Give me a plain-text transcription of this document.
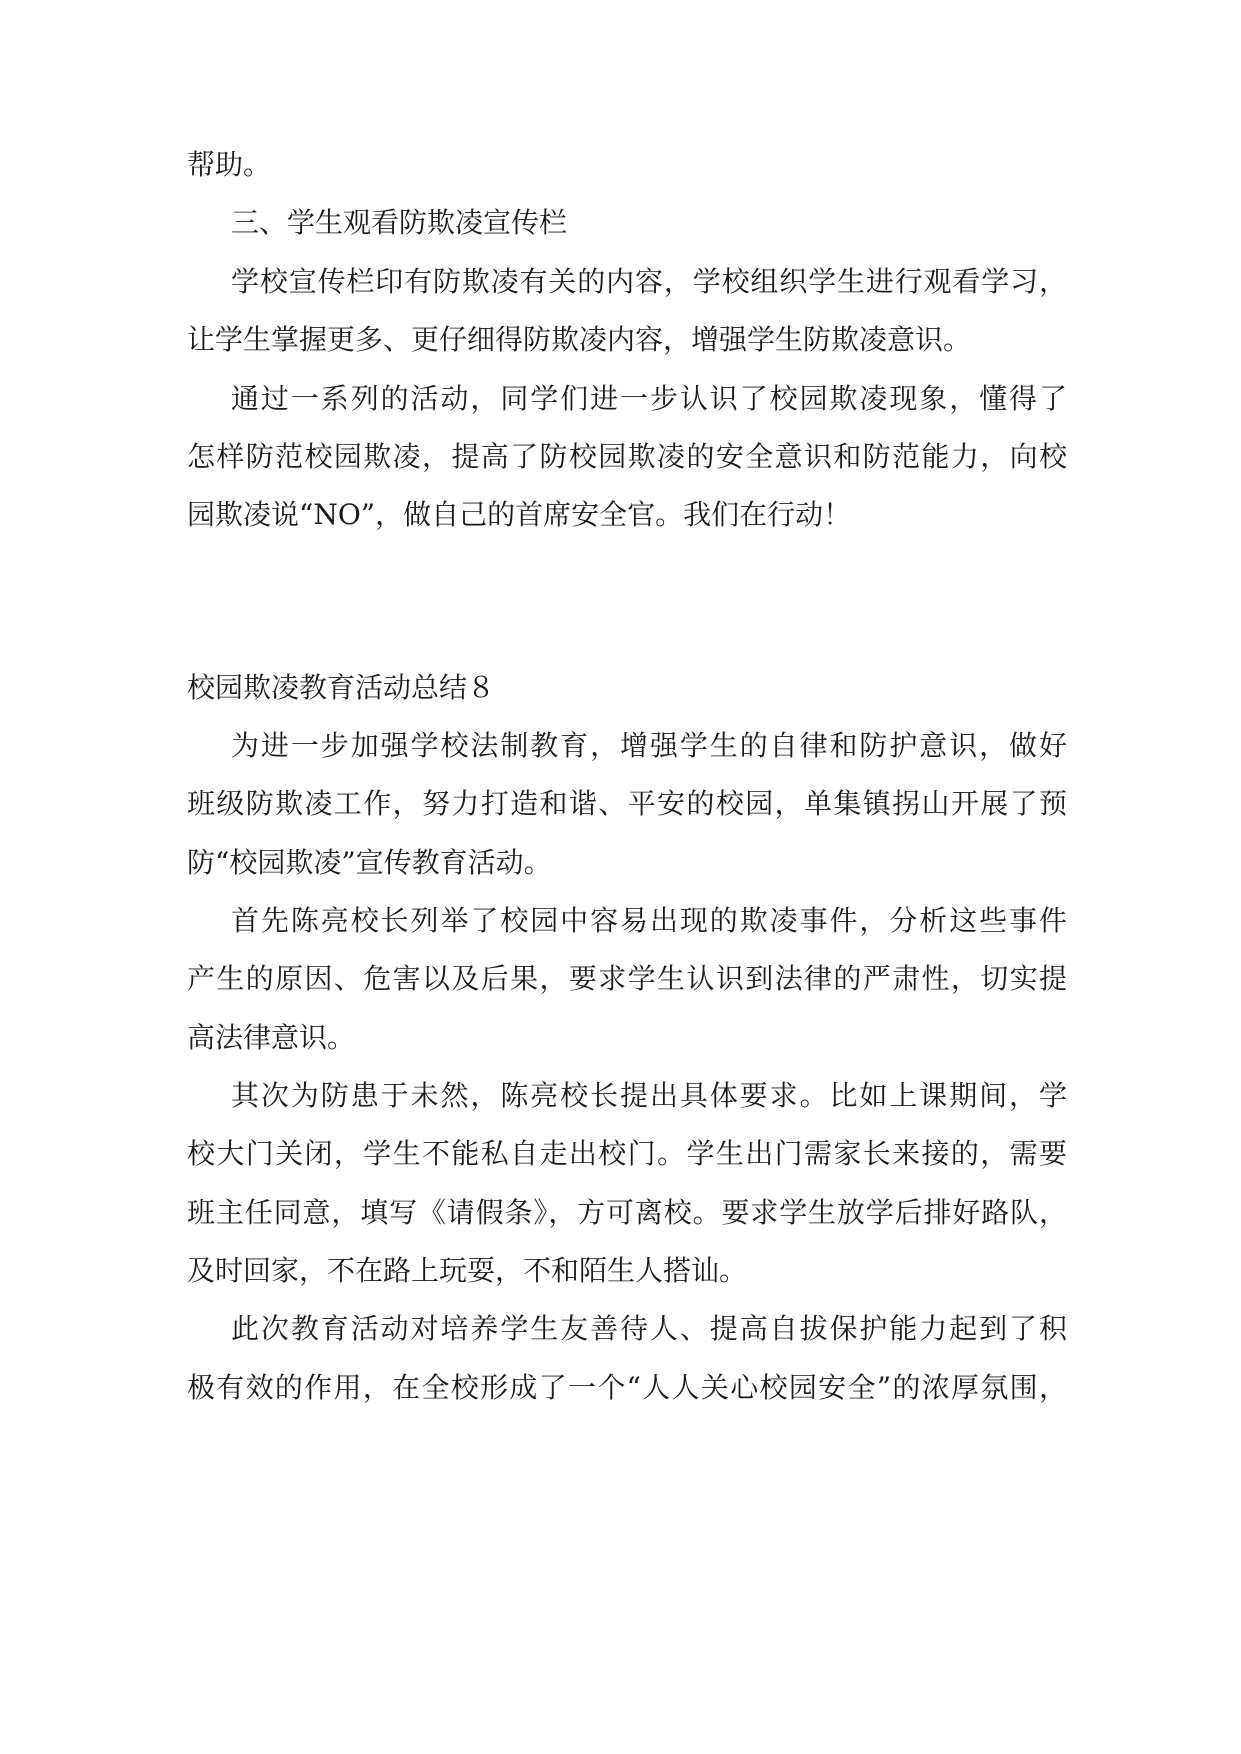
帮助。

三、学生观看防欺凌宣传栏

学校宣传栏印有防欺凌有关的内容，学校组织学生进行观看学习，

让学生掌握更多、更仔细得防欺凌内容，增强学生防欺凌意识。

通过一系列的活动，同学们进一步认识了校园欺凌现象，懂得了

怎样防范校园欺凌，提高了防校园欺凌的安全意识和防范能力，向校

园欺凌说“NO”，做自己的首席安全官。我们在行动！

校园欺凌教育活动总结８

为进一步加强学校法制教育，增强学生的自律和防护意识，做好

班级防欺凌工作，努力打造和谐、平安的校园，单集镇拐山开展了预

防“校园欺凌”宣传教育活动。

首先陈亮校长列举了校园中容易出现的欺凌事件，分析这些事件

产生的原因、危害以及后果，要求学生认识到法律的严肃性，切实提

高法律意识。

其次为防患于未然，陈亮校长提出具体要求。比如上课期间，学

校大门关闭，学生不能私自走出校门。学生出门需家长来接的，需要

班主任同意，填写《请假条》，方可离校。要求学生放学后排好路队，

及时回家，不在路上玩耍，不和陌生人搭讪。

此次教育活动对培养学生友善待人、提高自拔保护能力起到了积

极有效的作用，在全校形成了一个“人人关心校园安全”的浓厚氛围，
